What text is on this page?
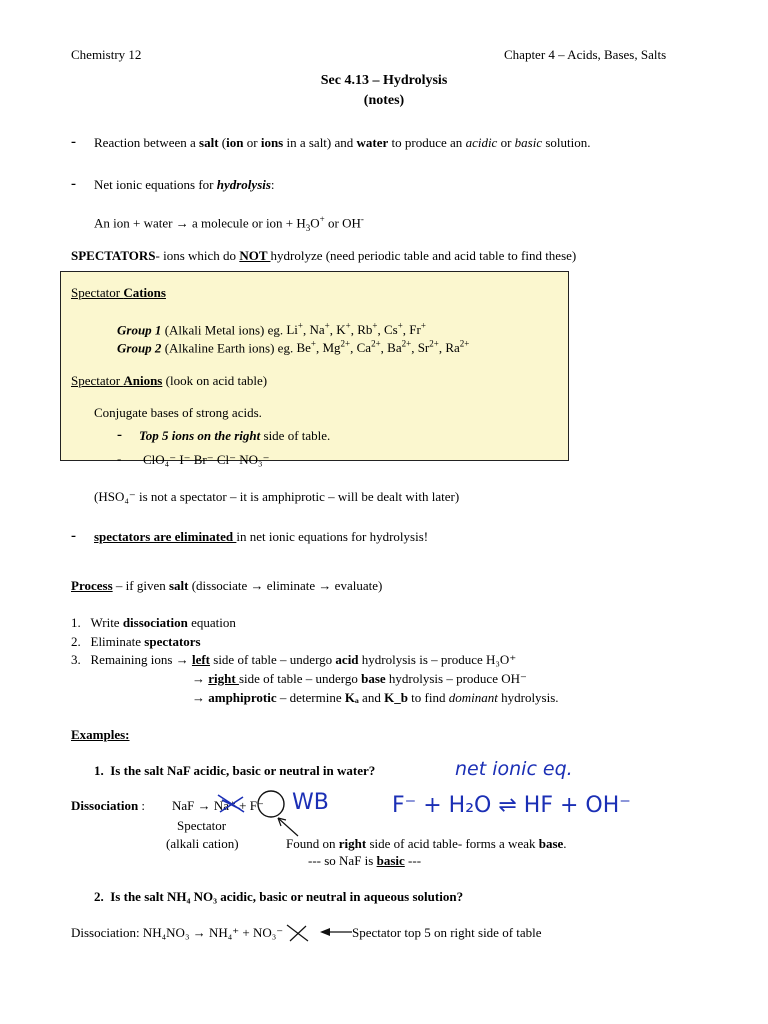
Chemistry 12	Chapter 4 – Acids, Bases, Salts
Sec 4.13 – Hydrolysis
(notes)
- Reaction between a salt (ion or ions in a salt) and water to produce an acidic or basic solution.
- Net ionic equations for hydrolysis:
An ion + water → a molecule or ion + $H_3O^+$ or OH-
SPECTATORS- ions which do NOT hydrolyze (need periodic table and acid table to find these)
Spectator Cations
Group 1 (Alkali Metal ions) eg. Li+, Na+, K+, Rb+, Cs+, Fr+
Group 2 (Alkaline Earth ions) eg. Be+, $Mg^{2+}$, $Ca^{2+}$, $Ba^{2+}$, $Sr^{2+}$, $Ra^{2+}$
Spectator Anions (look on acid table)
Conjugate bases of strong acids.
- Top 5 ions on the right side of table.
- ClO₄⁻ I⁻ Br⁻ Cl⁻ NO₃⁻
(HSO₄⁻ is not a spectator – it is amphiprotic – will be dealt with later)
- spectators are eliminated in net ionic equations for hydrolysis!
Process – if given salt (dissociate → eliminate → evaluate)
1. Write dissociation equation
2. Eliminate spectators
3. Remaining ions → left side of table – undergo acid hydrolysis is – produce H₃O⁺
→ right side of table – undergo base hydrolysis – produce OH⁻
→ amphiprotic – determine Kₐ and K_b to find dominant hydrolysis.
Examples:
1. Is the salt NaF acidic, basic or neutral in water?
Dissociation : NaF → Na⁺ + F⁻
Spectator
(alkali cation)	Found on right side of acid table- forms a weak base.
--- so NaF is basic ---
2. Is the salt NH₄ NO₃ acidic, basic or neutral in aqueous solution?
Dissociation: NH₄NO₃ → NH₄⁺ + NO₃⁻	Spectator top 5 on right side of table
net ionic eq.
WB	F⁻ + H₂O ⇌ HF + OH⁻
